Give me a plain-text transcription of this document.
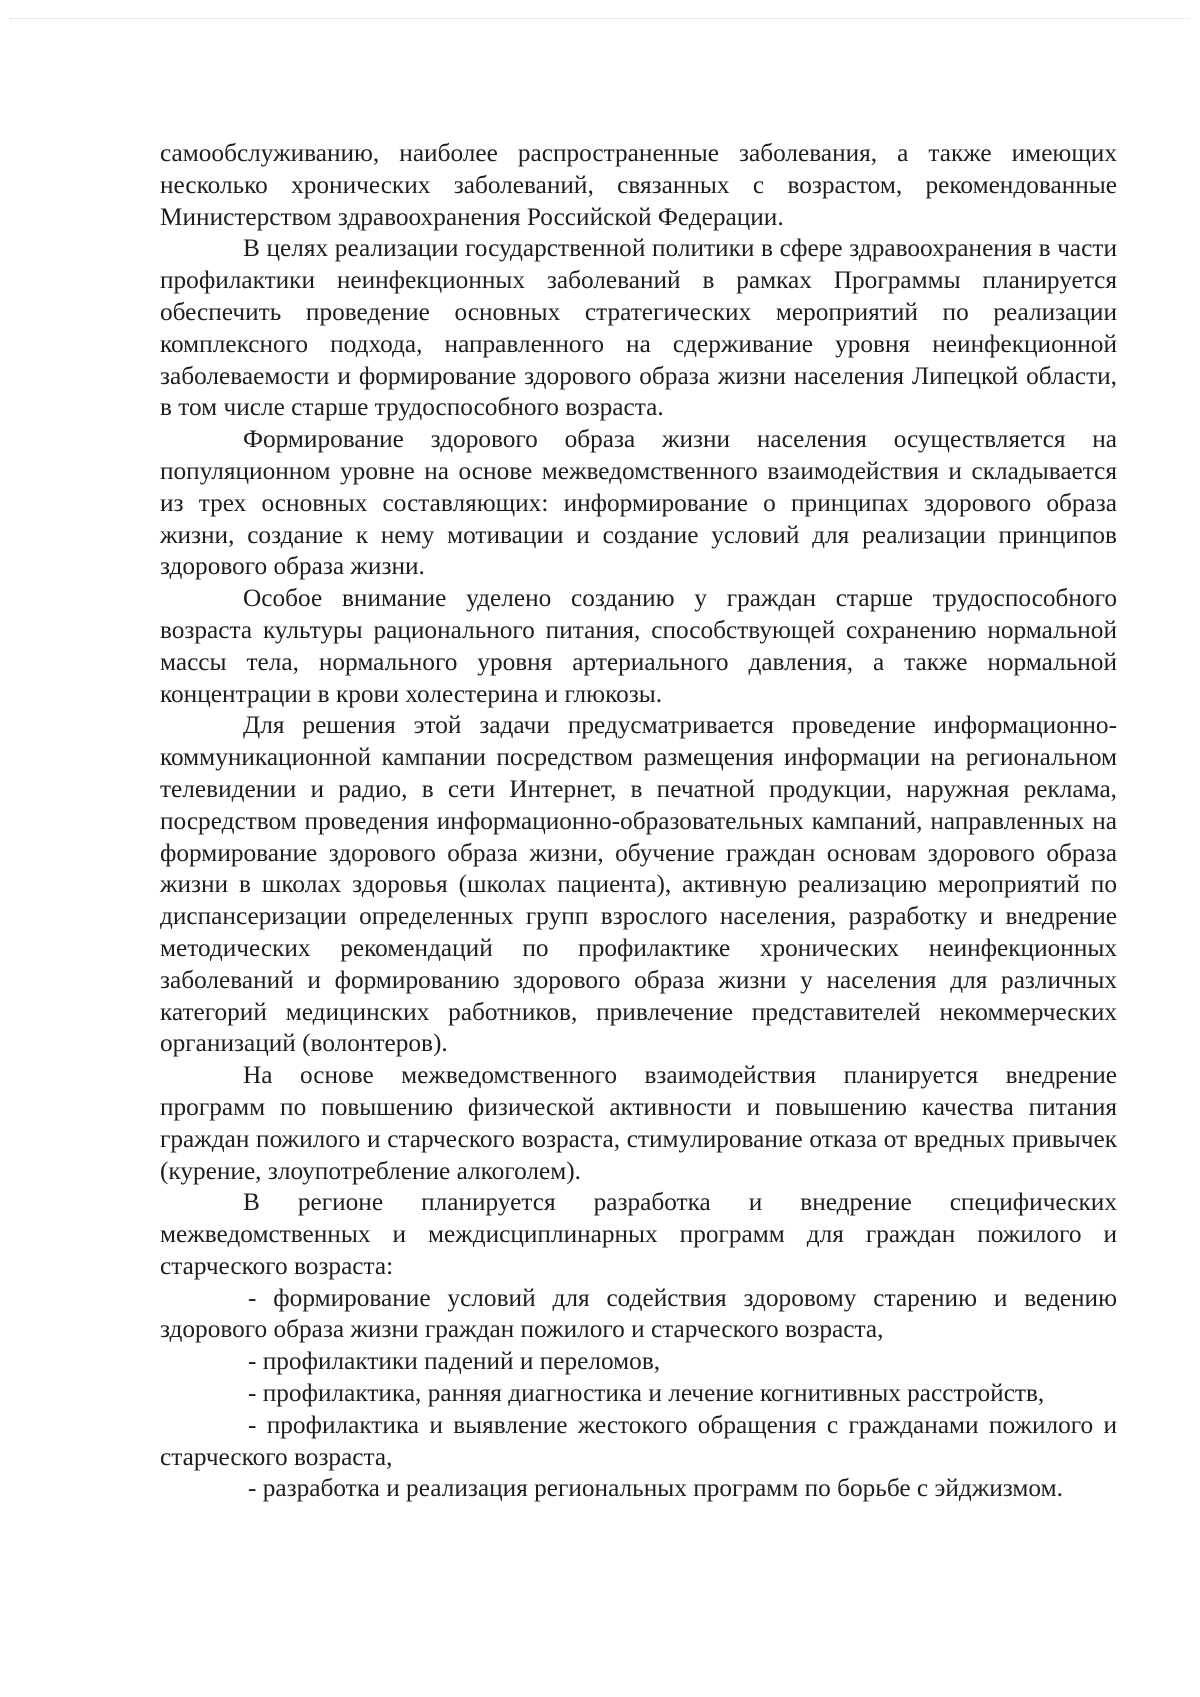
самообслуживанию, наиболее распространенные заболевания, а также имеющих несколько хронических заболеваний, связанных с возрастом, рекомендованные Министерством здравоохранения Российской Федерации.

В целях реализации государственной политики в сфере здравоохранения в части профилактики неинфекционных заболеваний в рамках Программы планируется обеспечить проведение основных стратегических мероприятий по реализации комплексного подхода, направленного на сдерживание уровня неинфекционной заболеваемости и формирование здорового образа жизни населения Липецкой области, в том числе старше трудоспособного возраста.

Формирование здорового образа жизни населения осуществляется на популяционном уровне на основе межведомственного взаимодействия и складывается из трех основных составляющих: информирование о принципах здорового образа жизни, создание к нему мотивации и создание условий для реализации принципов здорового образа жизни.

Особое внимание уделено созданию у граждан старше трудоспособного возраста культуры рационального питания, способствующей сохранению нормальной массы тела, нормального уровня артериального давления, а также нормальной концентрации в крови холестерина и глюкозы.

Для решения этой задачи предусматривается проведение информационно-коммуникационной кампании посредством размещения информации на региональном телевидении и радио, в сети Интернет, в печатной продукции, наружная реклама, посредством проведения информационно-образовательных кампаний, направленных на формирование здорового образа жизни, обучение граждан основам здорового образа жизни в школах здоровья (школах пациента), активную реализацию мероприятий по диспансеризации определенных групп взрослого населения, разработку и внедрение методических рекомендаций по профилактике хронических неинфекционных заболеваний и формированию здорового образа жизни у населения для различных категорий медицинских работников, привлечение представителей некоммерческих организаций (волонтеров).

На основе межведомственного взаимодействия планируется внедрение программ по повышению физической активности и повышению качества питания граждан пожилого и старческого возраста, стимулирование отказа от вредных привычек (курение, злоупотребление алкоголем).

В регионе планируется разработка и внедрение специфических межведомственных и междисциплинарных программ для граждан пожилого и старческого возраста:

- формирование условий для содействия здоровому старению и ведению здорового образа жизни граждан пожилого и старческого возраста,

- профилактики падений и переломов,

- профилактика, ранняя диагностика и лечение когнитивных расстройств,

- профилактика и выявление жестокого обращения с гражданами пожилого и старческого возраста,

- разработка и реализация региональных программ по борьбе с эйджизмом.
